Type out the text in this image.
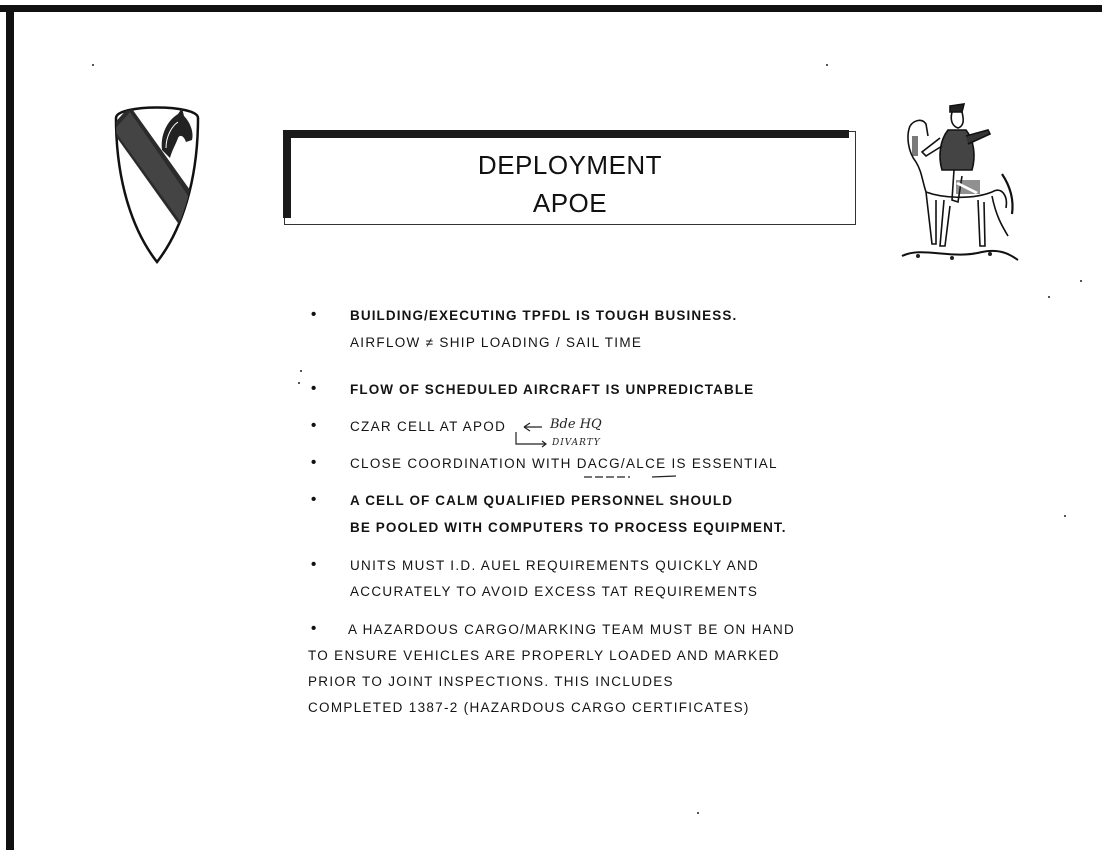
DEPLOYMENT
APOE
• BUILDING/EXECUTING TPFDL IS TOUGH BUSINESS.
AIRFLOW ≠ SHIP LOADING / SAIL TIME
• FLOW OF SCHEDULED AIRCRAFT IS UNPREDICTABLE
• CZAR CELL AT APOD	Bde HQ
DIVARTY
• CLOSE COORDINATION WITH DACG/ALCE IS ESSENTIAL
• A CELL OF CALM QUALIFIED PERSONNEL SHOULD
BE POOLED WITH COMPUTERS TO PROCESS EQUIPMENT.
• UNITS MUST I.D. AUEL REQUIREMENTS QUICKLY AND
ACCURATELY TO AVOID EXCESS TAT REQUIREMENTS
• A HAZARDOUS CARGO/MARKING TEAM MUST BE ON HAND
TO ENSURE VEHICLES ARE PROPERLY LOADED AND MARKED
PRIOR TO JOINT INSPECTIONS. THIS INCLUDES
COMPLETED 1387-2 (HAZARDOUS CARGO CERTIFICATES)
